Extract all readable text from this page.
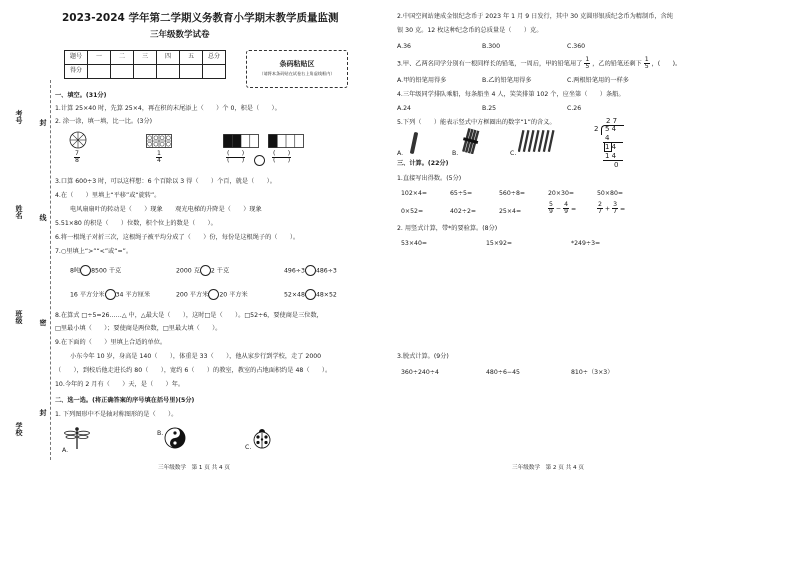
考号
姓名
班级
学校
封
线
密
封
2023-2024 学年第二学期义务教育小学期末教学质量监测
三年级数学试卷
题号	一	二	三	四	五	总分
得分						
条码粘贴区
（请将本条码贴在试卷右上角虚线框内）
一、填空。(31分)
1.计算 25×40 时，先算 25×4，再在积的末尾添上（　　）个 0，积是（　　）。
2. 涂一涂，填一填，比一比。(3分)
$\frac{7}{8}$	$\frac{1}{4}$	$\frac{( )}{( )}$	$\frac{( )}{( )}$
3.口算 600÷3 时，可以这样想：6 个百除以 3 得（　　）个百，就是（　　）。
4.在（　　）里填上“平移”或“旋转”。
电风扇扇叶的转动是（　　）现象　　观光电梯的升降是（　　）现象
5.51×80 的积是（　　）位数，积个位上的数是（　　）。
6.将一根绳子对折三次，这根绳子被平均分成了（　　）份，每份是这根绳子的（　　）。
7.○里填上“>”“<”或“=”。
8吨 8500 千克	2000 克 2 千克	496÷3 486÷3
16 平方分米 34 平方厘米	200 平方米 20 平方米	52×48 48×52
8.在算式 □÷5=26……△ 中，△最大是（　　），这时□是（　　）。□52÷6，要使商是三位数，
□里最小填（　　）；要使商是两位数，□里最大填（　　）。
9.在下面的（　　）里填上合适的单位。
小东今年 10 岁，身高是 140（　　），体重是 33（　　），他从家步行到学校，走了 2000
（　　），到校后他走进长约 80（　　），宽约 6（　　）的教室，教室的占地面积约是 48（　　）。
10.今年的 2 月有（　　）天，是（　　）年。
二、选一选。(将正确答案的序号填在括号里)(5分)
1. 下列图形中不是轴对称图形的是（　　）。
A.
B.
C.
三年级数学　第 1 页 共 4 页
2.中国空间站建成金银纪念币于 2023 年 1 月 9 日发行，其中 30 克圆形银质纪念币为精制币，含纯
银 30 克。12 枚这种纪念币的总质量是（　　）克。
A.36	B.300	C.360
3.甲、乙两名同学分别有一根同样长的铅笔，一周后，甲的铅笔用了 $\frac{1}{5}$ ，乙的铅笔还剩下 $\frac{1}{5}$ ，(　　)。
A.甲的铅笔用得多	B.乙的铅笔用得多	C.两根铅笔用的一样多
4.三年级同学排队乘船，每条船坐 4 人，笑笑排第 102 个，应坐第（　　）条船。
A.24	B.25	C.26
5.下列（　　）能表示竖式中方框圈出的数字“1”的含义。
A.	B.	C.
2 7
2 5 4
4
1 4
1 4
0
三、计算。(22分)
1.直接写出得数。(5分)
102×4=	65÷5=	560÷8=	20×30=	50×80=
0×52=	402÷2=	25×4=	$\frac{5}{9} - \frac{4}{9}$ =	$\frac{2}{7} + \frac{3}{7}$ =
2. 用竖式计算，带*的要验算。(8分)
53×40=	15×92=	*249÷3=
3.脱式计算。(9分)
360÷240÷4	480÷6−45	810÷（3×3）
三年级数学　第 2 页 共 4 页
